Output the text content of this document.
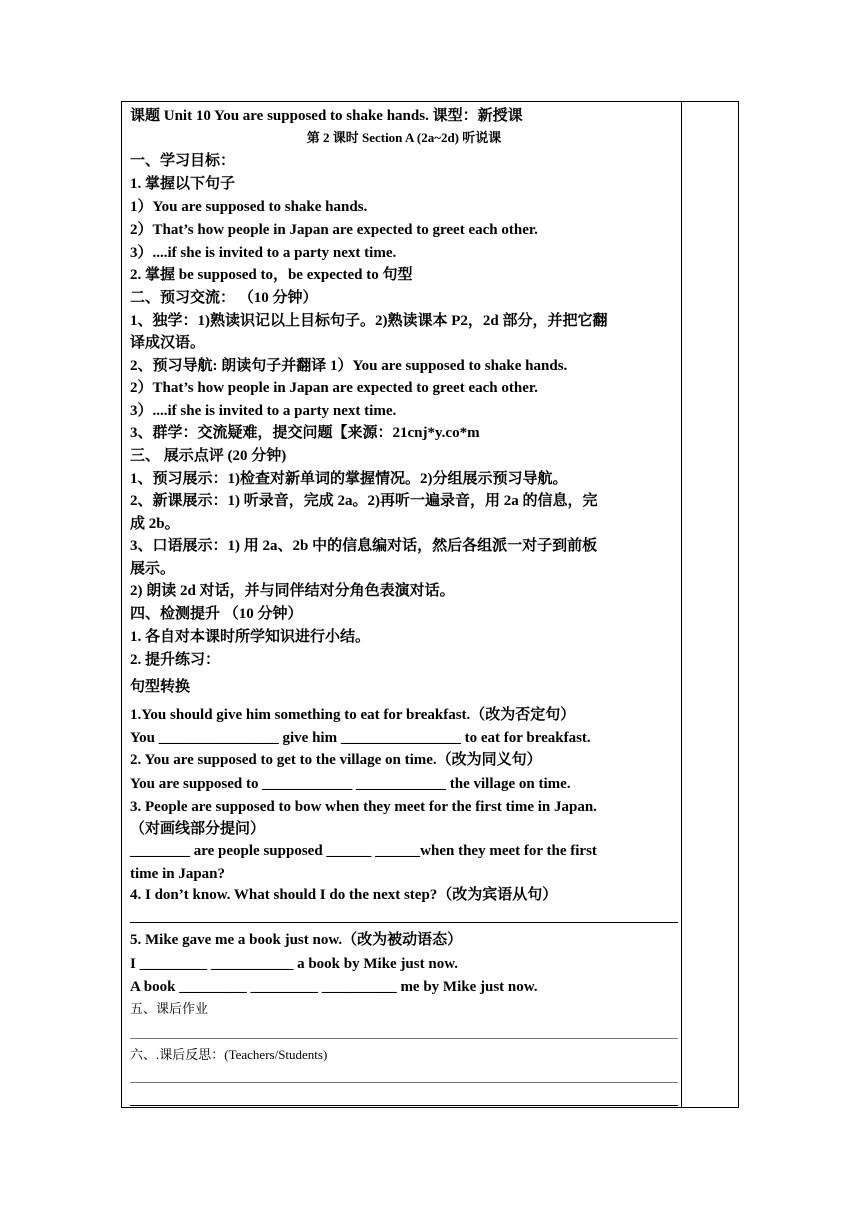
课题 Unit 10 You are supposed to shake hands. 课型：新授课
第 2 课时 Section A (2a~2d) 听说课
一、学习目标：
1. 掌握以下句子
1）You are supposed to shake hands.
2）That’s how people in Japan are expected to greet each other.
3）....if she is invited to a party next time.
2. 掌握 be supposed to，be expected to 句型
二、预习交流： （10 分钟）
1、独学：1)熟读识记以上目标句子。2)熟读课本 P2，2d 部分，并把它翻
译成汉语。
2、预习导航: 朗读句子并翻译 1）You are supposed to shake hands.
2）That’s how people in Japan are expected to greet each other.
3）....if she is invited to a party next time.
3、群学：交流疑难，提交问题【来源：21cnj*y.co*m
三、 展示点评 (20 分钟)
1、预习展示：1)检查对新单词的掌握情况。2)分组展示预习导航。
2、新课展示：1) 听录音，完成 2a。2)再听一遍录音，用 2a 的信息，完
成 2b。
3、口语展示：1) 用 2a、2b 中的信息编对话，然后各组派一对子到前板
展示。
2) 朗读 2d 对话，并与同伴结对分角色表演对话。
四、检测提升 （10 分钟）
1. 各自对本课时所学知识进行小结。
2. 提升练习：
句型转换
1.You should give him something to eat for breakfast.（改为否定句）
You ________________ give him ________________ to eat for breakfast.
2. You are supposed to get to the village on time.（改为同义句）
You are supposed to ____________ ____________ the village on time.
3. People are supposed to bow when they meet for the first time in Japan.
（对画线部分提问）
________ are people supposed ______ ______when they meet for the first
time in Japan?
4. I don’t know. What should I do the next step?（改为宾语从句）
5. Mike gave me a book just now.（改为被动语态）
I _________ ___________ a book by Mike just now.
A book _________ _________ __________ me by Mike just now.
五、课后作业
六、.课后反思：(Teachers/Students)
